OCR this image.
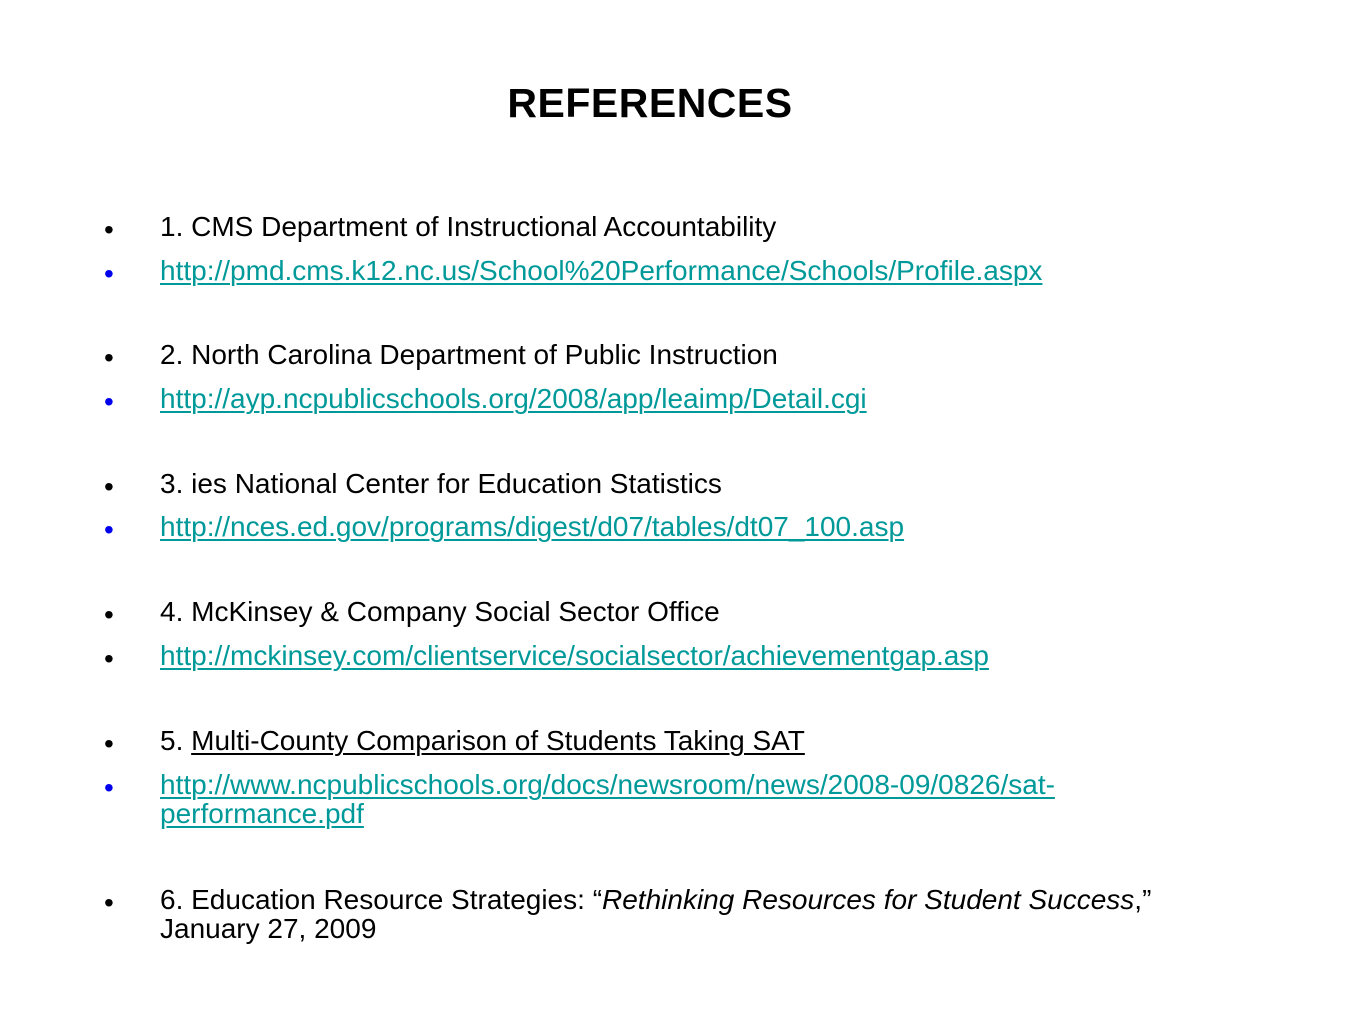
REFERENCES
• 1. CMS Department of Instructional Accountability
• http://pmd.cms.k12.nc.us/School%20Performance/Schools/Profile.aspx
• 2. North Carolina Department of Public Instruction
• http://ayp.ncpublicschools.org/2008/app/leaimp/Detail.cgi
• 3. ies National Center for Education Statistics
• http://nces.ed.gov/programs/digest/d07/tables/dt07_100.asp
• 4. McKinsey & Company Social Sector Office
• http://mckinsey.com/clientservice/socialsector/achievementgap.asp
• 5. Multi-County Comparison of Students Taking SAT
• http://www.ncpublicschools.org/docs/newsroom/news/2008-09/0826/sat-performance.pdf
• 6. Education Resource Strategies: “Rethinking Resources for Student Success,” January 27, 2009
